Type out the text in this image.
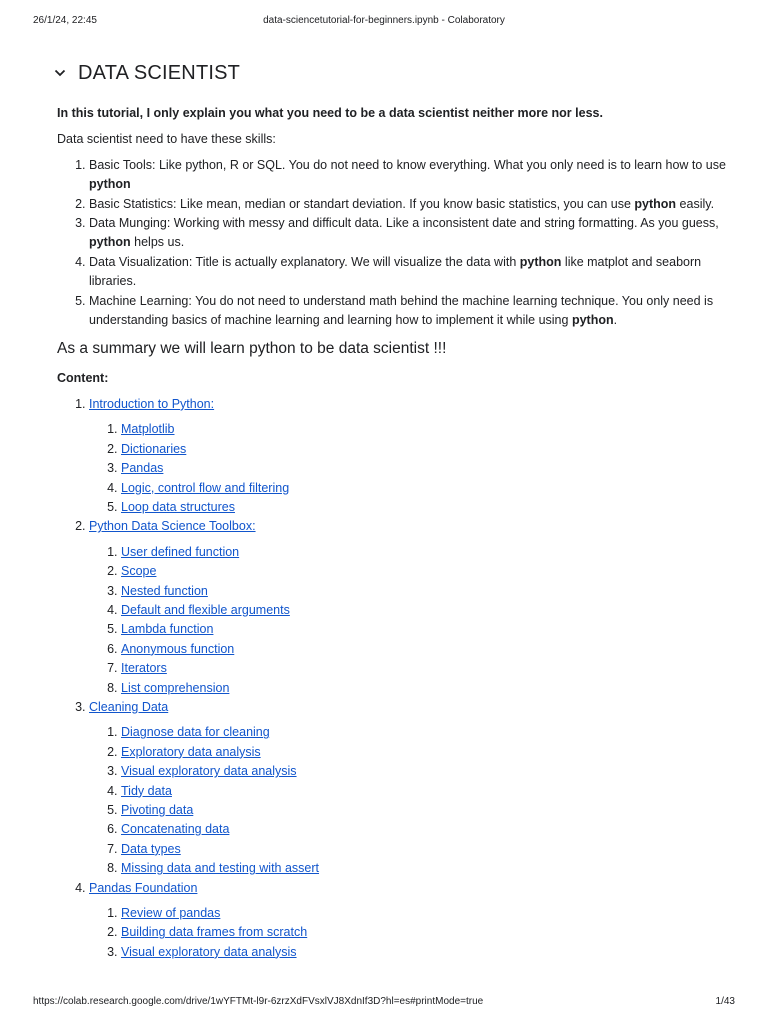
26/1/24, 22:45	data-sciencetutorial-for-beginners.ipynb - Colaboratory
DATA SCIENTIST

In this tutorial, I only explain you what you need to be a data scientist neither more nor less.

Data scientist need to have these skills:

1. Basic Tools: Like python, R or SQL. You do not need to know everything. What you only need is to learn how to use python
2. Basic Statistics: Like mean, median or standart deviation. If you know basic statistics, you can use python easily.
3. Data Munging: Working with messy and difficult data. Like a inconsistent date and string formatting. As you guess, python helps us.
4. Data Visualization: Title is actually explanatory. We will visualize the data with python like matplot and seaborn libraries.
5. Machine Learning: You do not need to understand math behind the machine learning technique. You only need is understanding basics of machine learning and learning how to implement it while using python.

As a summary we will learn python to be data scientist !!!

Content:

1. Introduction to Python:
1. Matplotlib
2. Dictionaries
3. Pandas
4. Logic, control flow and filtering
5. Loop data structures
2. Python Data Science Toolbox:
1. User defined function
2. Scope
3. Nested function
4. Default and flexible arguments
5. Lambda function
6. Anonymous function
7. Iterators
8. List comprehension
3. Cleaning Data
1. Diagnose data for cleaning
2. Exploratory data analysis
3. Visual exploratory data analysis
4. Tidy data
5. Pivoting data
6. Concatenating data
7. Data types
8. Missing data and testing with assert
4. Pandas Foundation
1. Review of pandas
2. Building data frames from scratch
3. Visual exploratory data analysis
https://colab.research.google.com/drive/1wYFTMt-l9r-6zrzXdFVsxlVJ8XdnIf3D?hl=es#printMode=true	1/43
